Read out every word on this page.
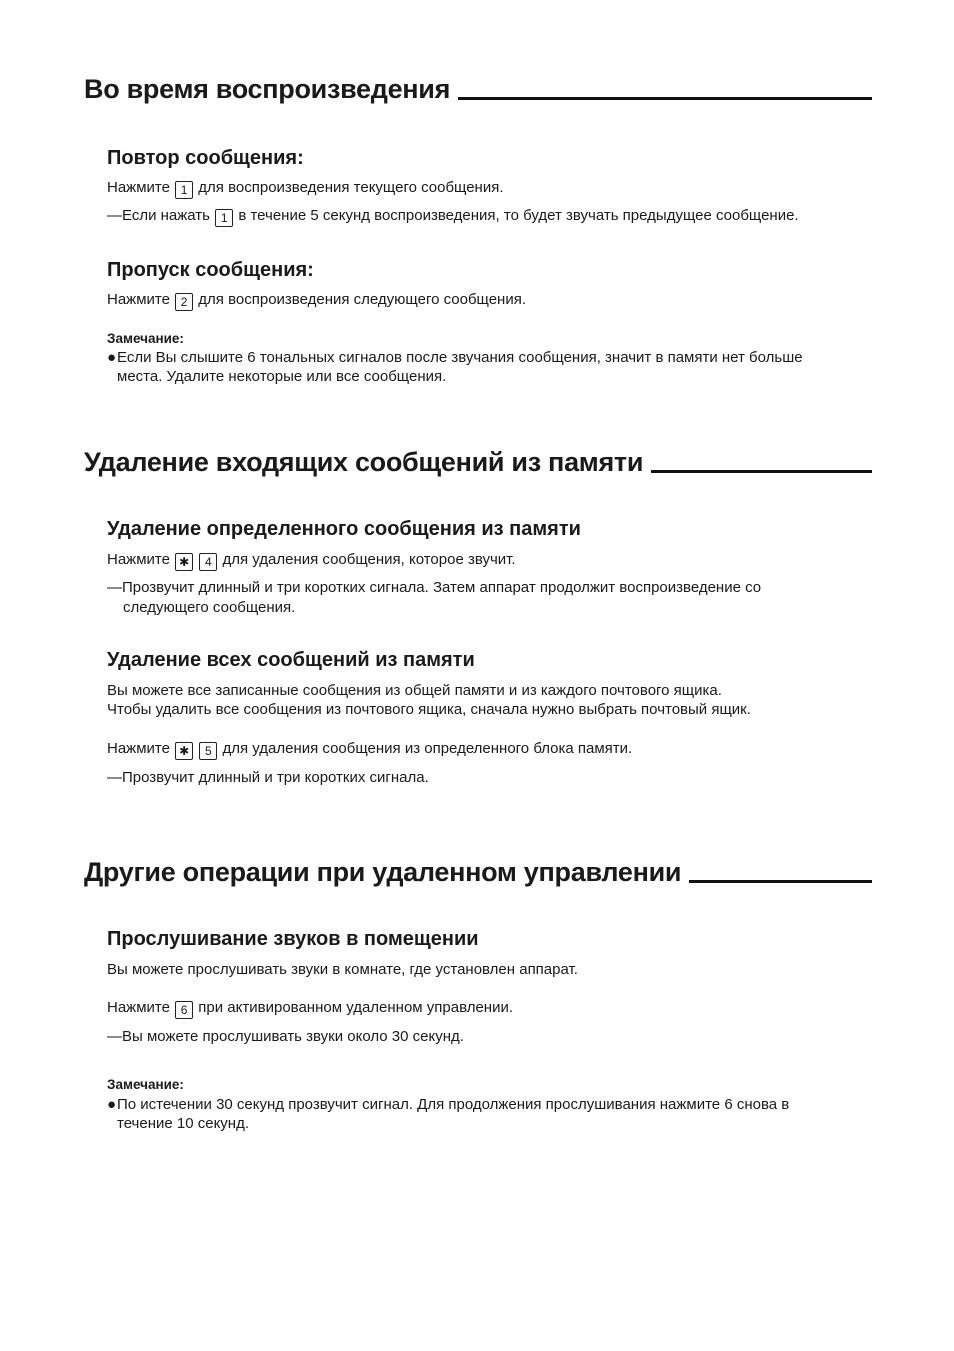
Во время воспроизведения
Повтор сообщения:
Нажмите 1 для воспроизведения текущего сообщения.
—Если нажать 1 в течение 5 секунд воспроизведения, то будет звучать предыдущее сообщение.
Пропуск сообщения:
Нажмите 2 для воспроизведения следующего сообщения.
Замечание:
●Если Вы слышите 6 тональных сигналов после звучания сообщения, значит в памяти нет больше
места. Удалите некоторые или все сообщения.
Удаление входящих сообщений из памяти
Удаление определенного сообщения из памяти
Нажмите ✱ 4 для удаления сообщения, которое звучит.
—Прозвучит длинный и три коротких сигнала. Затем аппарат продолжит воспроизведение со
следующего сообщения.
Удаление всех сообщений из памяти
Вы можете все записанные сообщения из общей памяти и из каждого почтового ящика.
Чтобы удалить все сообщения из почтового ящика, сначала нужно выбрать почтовый ящик.
Нажмите ✱ 5 для удаления сообщения из определенного блока памяти.
—Прозвучит длинный и три коротких сигнала.
Другие операции при удаленном управлении
Прослушивание звуков в помещении
Вы можете прослушивать звуки в комнате, где установлен аппарат.
Нажмите 6 при активированном удаленном управлении.
—Вы можете прослушивать звуки около 30 секунд.
Замечание:
●По истечении 30 секунд прозвучит сигнал. Для продолжения прослушивания нажмите 6 снова в
течение 10 секунд.
